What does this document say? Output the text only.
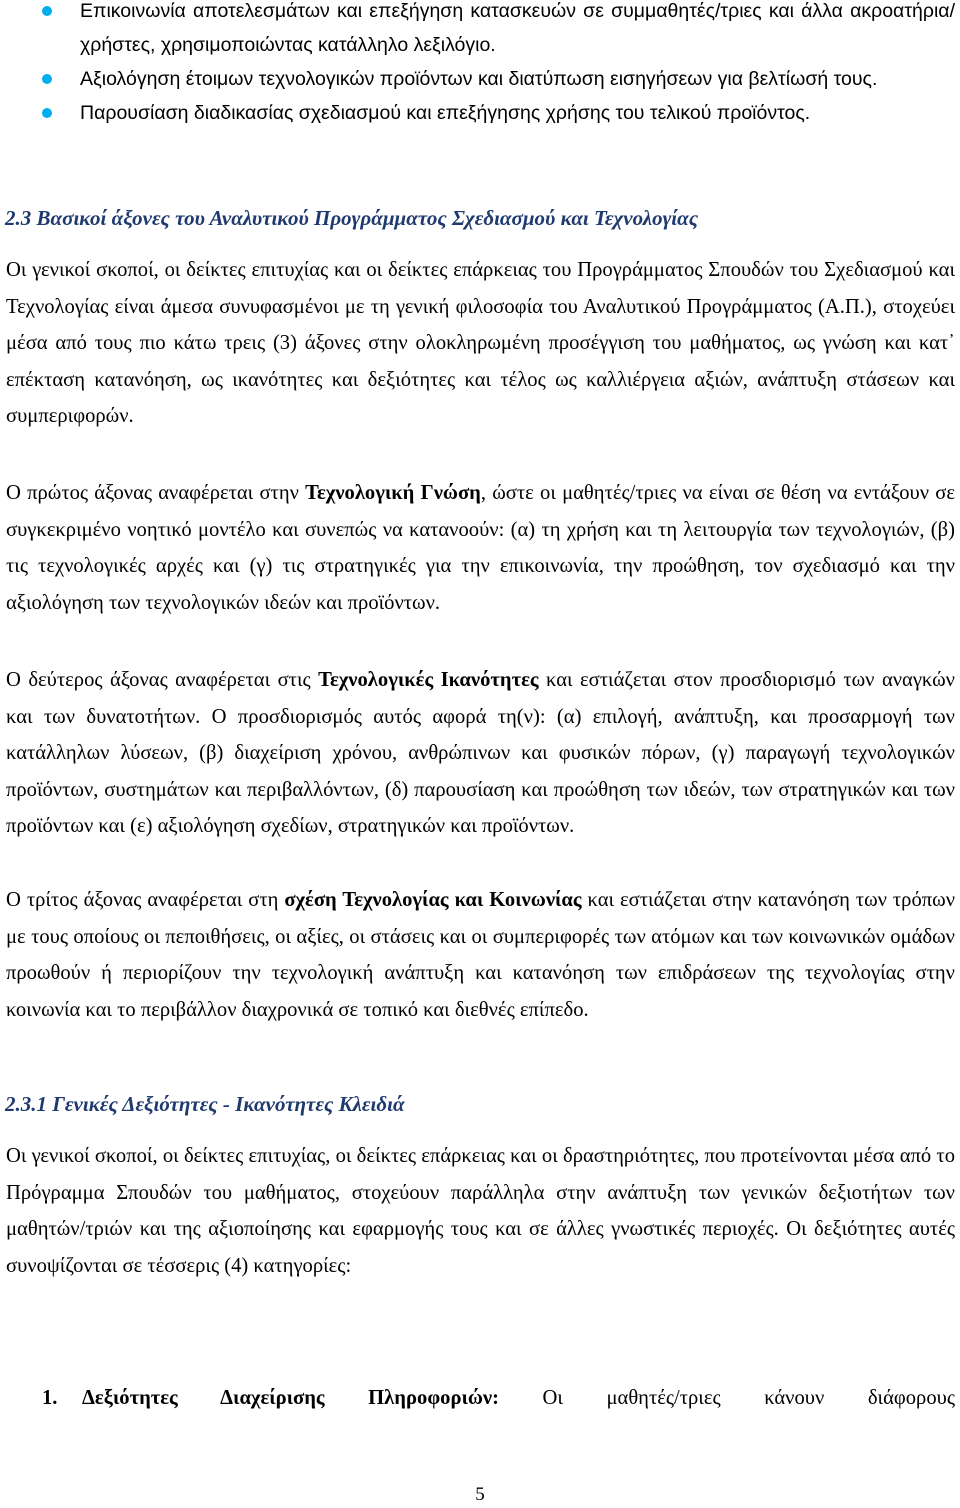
Επικοινωνία αποτελεσμάτων και επεξήγηση κατασκευών σε συμμαθητές/τριες και άλλα ακροατήρια/ χρήστες, χρησιμοποιώντας κατάλληλο λεξιλόγιο.
Αξιολόγηση έτοιμων τεχνολογικών προϊόντων και διατύπωση εισηγήσεων για βελτίωσή τους.
Παρουσίαση διαδικασίας σχεδιασμού και επεξήγησης χρήσης του τελικού προϊόντος.
2.3 Βασικοί άξονες του Αναλυτικού Προγράμματος Σχεδιασμού και Τεχνολογίας

Οι γενικοί σκοποί, οι δείκτες επιτυχίας και οι δείκτες επάρκειας του Προγράμματος Σπουδών του Σχεδιασμού και Τεχνολογίας είναι άμεσα συνυφασμένοι με τη γενική φιλοσοφία του Αναλυτικού Προγράμματος (Α.Π.), στοχεύει μέσα από τους πιο κάτω τρεις (3) άξονες στην ολοκληρωμένη προσέγγιση του μαθήματος, ως γνώση και κατ᾽ επέκταση κατανόηση, ως ικανότητες και δεξιότητες και τέλος ως καλλιέργεια αξιών, ανάπτυξη στάσεων και συμπεριφορών.

Ο πρώτος άξονας αναφέρεται στην Τεχνολογική Γνώση, ώστε οι μαθητές/τριες να είναι σε θέση να εντάξουν σε συγκεκριμένο νοητικό μοντέλο και συνεπώς να κατανοούν: (α) τη χρήση και τη λειτουργία των τεχνολογιών, (β) τις τεχνολογικές αρχές και (γ) τις στρατηγικές για την επικοινωνία, την προώθηση, τον σχεδιασμό και την αξιολόγηση των τεχνολογικών ιδεών και προϊόντων.

Ο δεύτερος άξονας αναφέρεται στις Τεχνολογικές Ικανότητες και εστιάζεται στον προσδιορισμό των αναγκών και των δυνατοτήτων. Ο προσδιορισμός αυτός αφορά τη(ν): (α) επιλογή, ανάπτυξη, και προσαρμογή των κατάλληλων λύσεων, (β) διαχείριση χρόνου, ανθρώπινων και φυσικών πόρων, (γ) παραγωγή τεχνολογικών προϊόντων, συστημάτων και περιβαλλόντων, (δ) παρουσίαση και προώθηση των ιδεών, των στρατηγικών και των προϊόντων και (ε) αξιολόγηση σχεδίων, στρατηγικών και προϊόντων.

Ο τρίτος άξονας αναφέρεται στη σχέση Τεχνολογίας και Κοινωνίας και εστιάζεται στην κατανόηση των τρόπων με τους οποίους οι πεποιθήσεις, οι αξίες, οι στάσεις και οι συμπεριφορές των ατόμων και των κοινωνικών ομάδων προωθούν ή περιορίζουν την τεχνολογική ανάπτυξη και κατανόηση των επιδράσεων της τεχνολογίας στην κοινωνία και το περιβάλλον διαχρονικά σε τοπικό και διεθνές επίπεδο.

2.3.1 Γενικές Δεξιότητες - Ικανότητες Κλειδιά

Οι γενικοί σκοποί, οι δείκτες επιτυχίας, οι δείκτες επάρκειας και οι δραστηριότητες, που προτείνονται μέσα από το Πρόγραμμα Σπουδών του μαθήματος, στοχεύουν παράλληλα στην ανάπτυξη των γενικών δεξιοτήτων των μαθητών/τριών και της αξιοποίησης και εφαρμογής τους και σε άλλες γνωστικές περιοχές. Οι δεξιότητες αυτές συνοψίζονται σε τέσσερις (4) κατηγορίες:

1.	Δεξιότητες Διαχείρισης Πληροφοριών: Οι μαθητές/τριες κάνουν διάφορους
5
